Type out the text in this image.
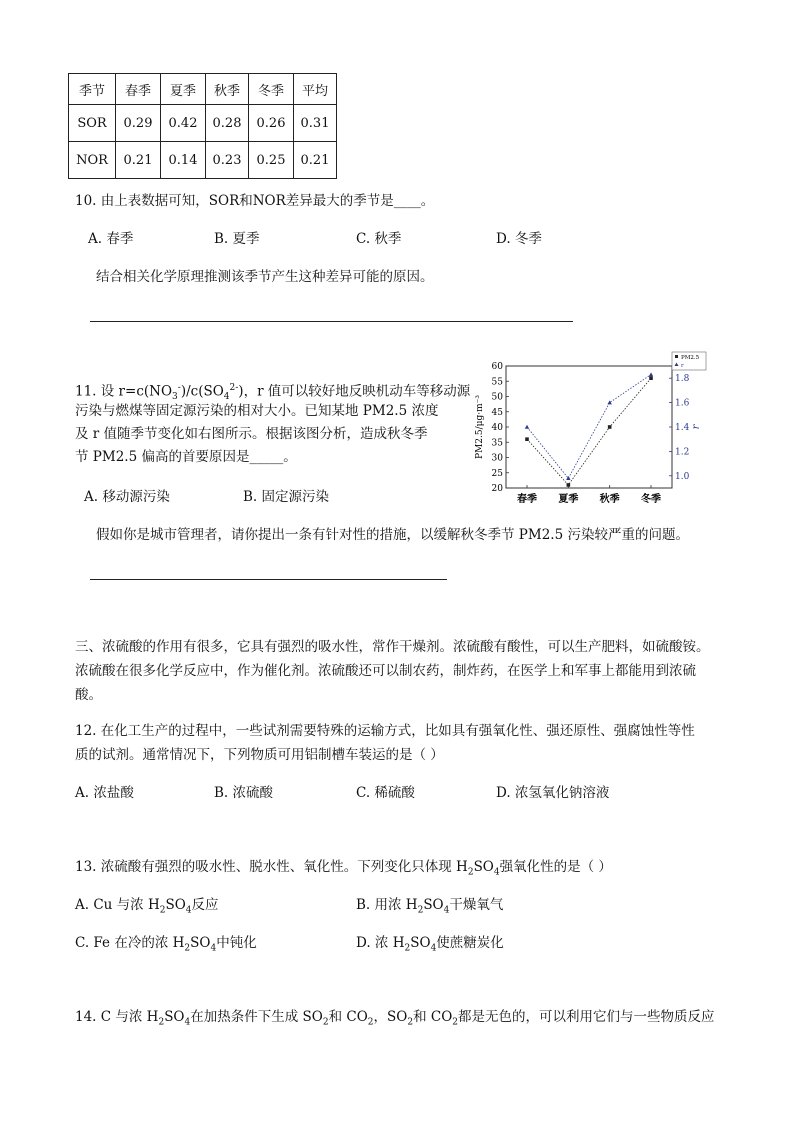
季节	春季	夏季	秋季	冬季	平均
SOR	0.29	0.42	0.28	0.26	0.31
NOR	0.21	0.14	0.23	0.25	0.21
10. 由上表数据可知，SOR和NOR差异最大的季节是____。
A. 春季	B. 夏季	C. 秋季	D. 冬季
结合相关化学原理推测该季节产生这种差异可能的原因。
11. 设 $r=c(NO_3^-)/c(SO_4^{2-})$，r 值可以较好地反映机动车等移动源
污染与燃煤等固定源污染的相对大小。已知某地 PM2.5 浓度
及 r 值随季节变化如右图所示。根据该图分析，造成秋冬季
节 PM2.5 偏高的首要原因是_____。
A. 移动源污染	B. 固定源污染
假如你是城市管理者，请你提出一条有针对性的措施，以缓解秋冬季节 PM2.5 污染较严重的问题。
20
25
30
35
40
45
50
55
60
1.0
1.2
1.4
1.6
1.8
春季 夏季 秋季 冬季
PM2.5/μg·m⁻³	r
PM2.5
r
三、浓硫酸的作用有很多，它具有强烈的吸水性，常作干燥剂。浓硫酸有酸性，可以生产肥料，如硫酸铵。
浓硫酸在很多化学反应中，作为催化剂。浓硫酸还可以制农药，制炸药，在医学上和军事上都能用到浓硫
酸。
12. 在化工生产的过程中，一些试剂需要特殊的运输方式，比如具有强氧化性、强还原性、强腐蚀性等性
质的试剂。通常情况下，下列物质可用铝制槽车装运的是（ ）
A. 浓盐酸	B. 浓硫酸	C. 稀硫酸	D. 浓氢氧化钠溶液
13. 浓硫酸有强烈的吸水性、脱水性、氧化性。下列变化只体现 $H_2SO_4$强氧化性的是（ ）
A. Cu 与浓 $H_2SO_4$反应	B. 用浓 $H_2SO_4$干燥氧气
C. Fe 在冷的浓 $H_2SO_4$中钝化	D. 浓 $H_2SO_4$使蔗糖炭化
14. C 与浓 $H_2SO_4$在加热条件下生成 $SO_2$和 $CO_2$，$SO_2$和 $CO_2$都是无色的，可以利用它们与一些物质反应
